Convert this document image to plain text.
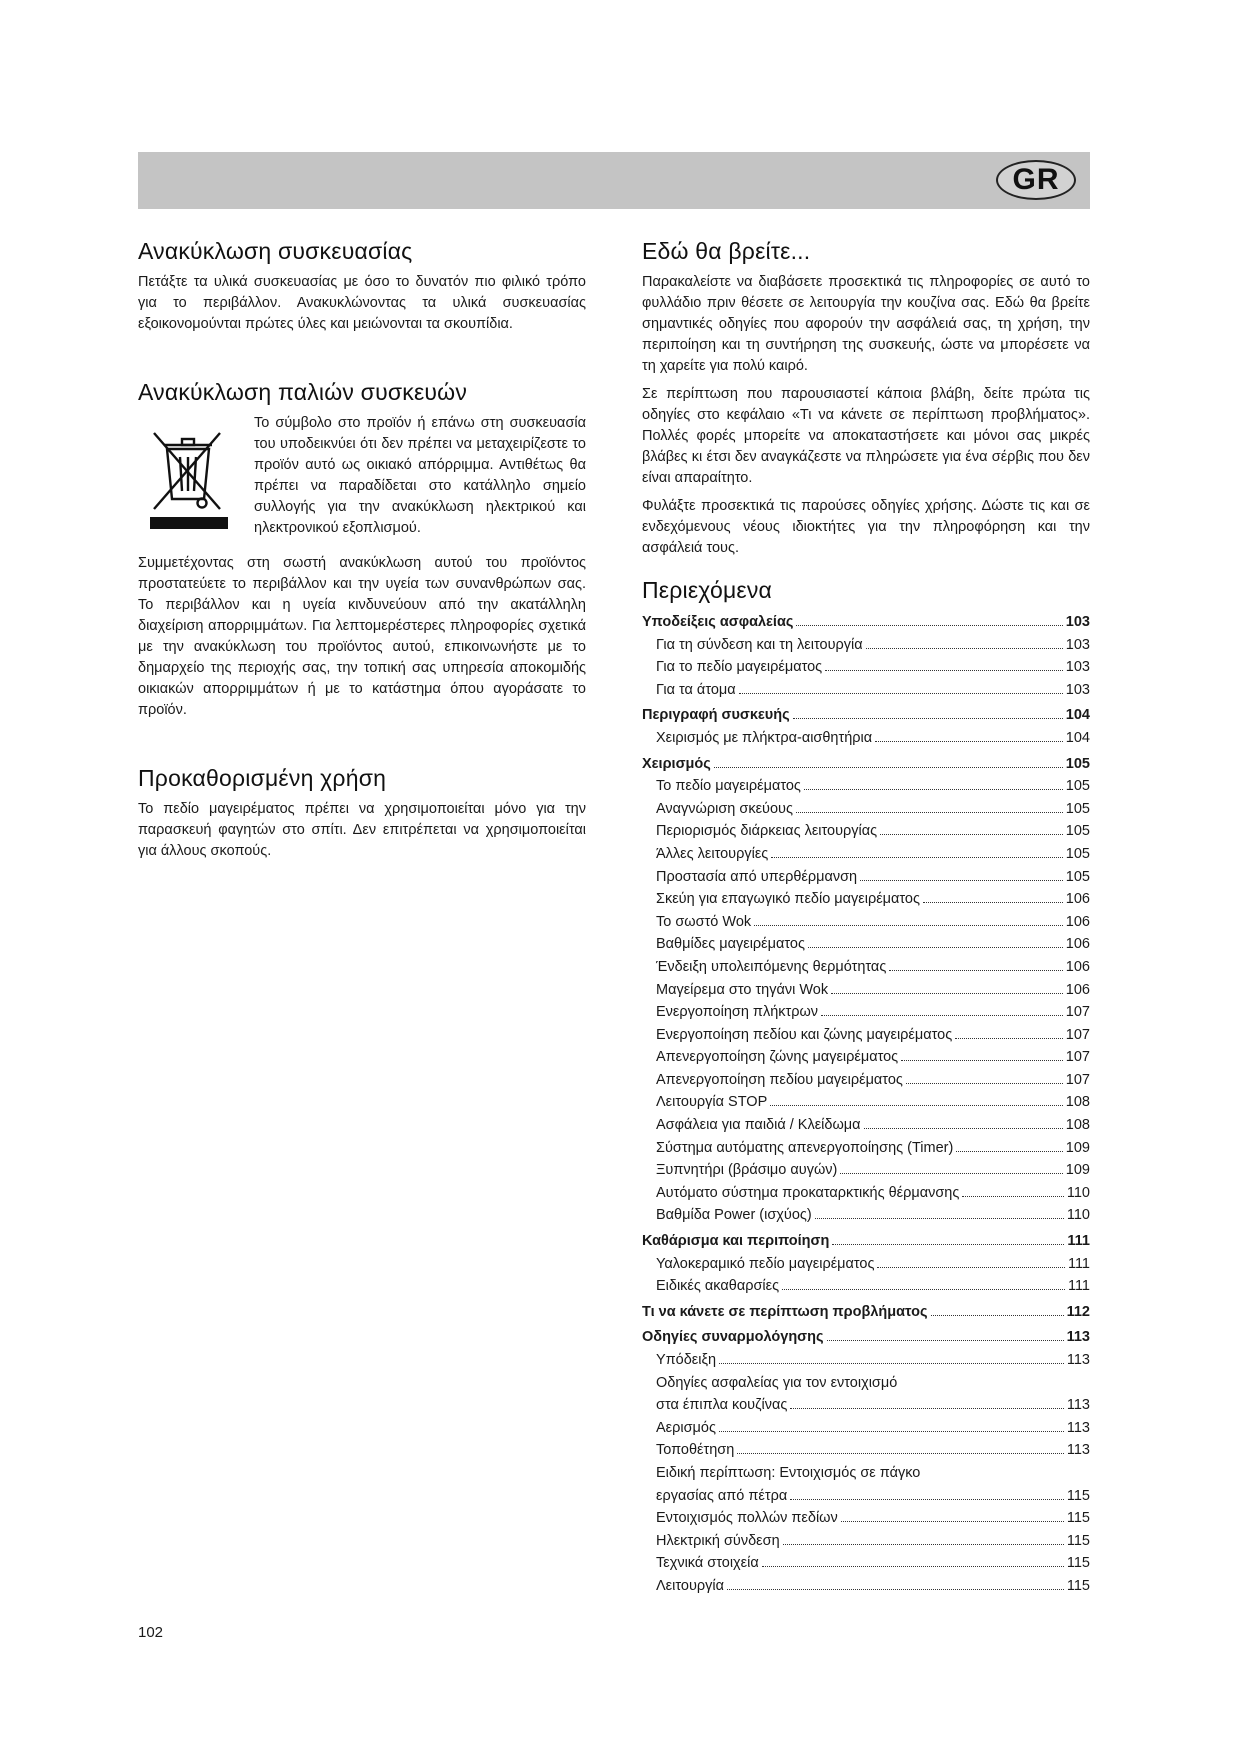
GR
Ανακύκλωση συσκευασίας

Πετάξτε τα υλικά συσκευασίας με όσο το δυνατόν πιο φιλικό τρόπο για το περιβάλλον. Ανακυκλώνοντας τα υλικά συσκευασίας εξοικονομούνται πρώτες ύλες και μειώνονται τα σκουπίδια.

Ανακύκλωση παλιών συσκευών

Το σύμβολο στο προϊόν ή επάνω στη συσκευασία του υποδεικνύει ότι δεν πρέπει να μεταχειρίζεστε το προϊόν αυτό ως οικιακό απόρριμμα. Αντιθέτως θα πρέπει να παραδίδεται στο κατάλληλο σημείο συλλογής για την ανακύκλωση ηλεκτρικού και ηλεκτρονικού εξοπλισμού.

Συμμετέχοντας στη σωστή ανακύκλωση αυτού του προϊόντος προστατεύετε το περιβάλλον και την υγεία των συνανθρώπων σας. Το περιβάλλον και η υγεία κινδυνεύουν από την ακατάλληλη διαχείριση απορριμμάτων. Για λεπτομερέστερες πληροφορίες σχετικά με την ανακύκλωση του προϊόντος αυτού, επικοινωνήστε με το δημαρχείο της περιοχής σας, την τοπική σας υπηρεσία αποκομιδής οικιακών απορριμμάτων ή με το κατάστημα όπου αγοράσατε το προϊόν.

Προκαθορισμένη χρήση

Το πεδίο μαγειρέματος πρέπει να χρησιμοποιείται μόνο για την παρασκευή φαγητών στο σπίτι. Δεν επιτρέπεται να χρησιμοποιείται για άλλους σκοπούς.

Εδώ θα βρείτε...

Παρακαλείστε να διαβάσετε προσεκτικά τις πληροφορίες σε αυτό το φυλλάδιο πριν θέσετε σε λειτουργία την κουζίνα σας. Εδώ θα βρείτε σημαντικές οδηγίες που αφορούν την ασφάλειά σας, τη χρήση, την περιποίηση και τη συντήρηση της συσκευής, ώστε να μπορέσετε να τη χαρείτε για πολύ καιρό.

Σε περίπτωση που παρουσιαστεί κάποια βλάβη, δείτε πρώτα τις οδηγίες στο κεφάλαιο «Τι να κάνετε σε περίπτωση προβλήματος». Πολλές φορές μπορείτε να αποκαταστήσετε και μόνοι σας μικρές βλάβες κι έτσι δεν αναγκάζεστε να πληρώσετε για ένα σέρβις που δεν είναι απαραίτητο.

Φυλάξτε προσεκτικά τις παρούσες οδηγίες χρήσης. Δώστε τις και σε ενδεχόμενους νέους ιδιοκτήτες για την πληροφόρηση και την ασφάλειά τους.

Περιεχόμενα
Υποδείξεις ασφαλείας	103
Για τη σύνδεση και τη λειτουργία	103
Για το πεδίο μαγειρέματος	103
Για τα άτομα	103
Περιγραφή συσκευής	104
Χειρισμός με πλήκτρα-αισθητήρια	104
Χειρισμός	105
Το πεδίο μαγειρέματος	105
Αναγνώριση σκεύους	105
Περιορισμός διάρκειας λειτουργίας	105
Άλλες λειτουργίες	105
Προστασία από υπερθέρμανση	105
Σκεύη για επαγωγικό πεδίο μαγειρέματος	106
Το σωστό Wok	106
Βαθμίδες μαγειρέματος	106
Ένδειξη υπολειπόμενης θερμότητας	106
Μαγείρεμα στο τηγάνι Wok	106
Ενεργοποίηση πλήκτρων	107
Ενεργοποίηση πεδίου και ζώνης μαγειρέματος	107
Απενεργοποίηση ζώνης μαγειρέματος	107
Απενεργοποίηση πεδίου μαγειρέματος	107
Λειτουργία STOP	108
Ασφάλεια για παιδιά / Κλείδωμα	108
Σύστημα αυτόματης απενεργοποίησης (Timer)	109
Ξυπνητήρι (βράσιμο αυγών)	109
Αυτόματο σύστημα προκαταρκτικής θέρμανσης	110
Βαθμίδα Power (ισχύος)	110
Καθάρισμα και περιποίηση	111
Υαλοκεραμικό πεδίο μαγειρέματος	111
Ειδικές ακαθαρσίες	111
Τι να κάνετε σε περίπτωση προβλήματος	112
Οδηγίες συναρμολόγησης	113
Υπόδειξη	113
Οδηγίες ασφαλείας για τον εντοιχισμό
στα έπιπλα κουζίνας	113
Αερισμός	113
Τοποθέτηση	113
Ειδική περίπτωση: Εντοιχισμός σε πάγκο
εργασίας από πέτρα	115
Εντοιχισμός πολλών πεδίων	115
Ηλεκτρική σύνδεση	115
Τεχνικά στοιχεία	115
Λειτουργία	115
102
